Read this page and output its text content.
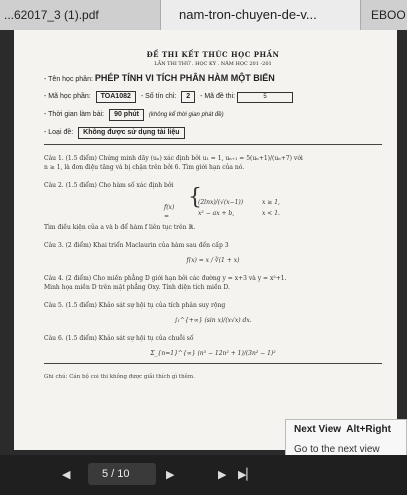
...62017_3 (1).pdf	nam-tron-chuyen-de-v...	EBOO
ĐỀ THI KẾT THÚC HỌC PHẦN
LẦN THI THỨ . HỌC KỲ . NĂM HỌC 201 -201
- Tên học phần: PHÉP TÍNH VI TÍCH PHÂN HÀM MỘT BIẾN
- Mã học phần: TOA1082 - Số tín chỉ: 2 - Mã đề thi:	5
- Thời gian làm bài: 90 phút (không kể thời gian phát đề)
- Loại đề: Không được sử dụng tài liệu
Câu 1. (1.5 điểm) Chứng minh dãy (uₙ) xác định bởi u₁ = 1, uₙ₊₁ = 5(uₙ+1)/(uₙ+7) với
n ≥ 1, là đơn điệu tăng và bị chặn trên bởi 6. Tìm giới hạn của nó.
Câu 2. (1.5 điểm) Cho hàm số xác định bởi
f(x) =
{
(2lnx)/(√(x−1))	x ≥ 1,
x² − ax + b,	x < 1.
Tìm điều kiện của a và b để hàm f liên tục trên ℝ.
Câu 3. (2 điểm) Khai triển Maclaurin của hàm sau đến cấp 3
f(x) = x / ∛(1 + x)
Câu 4. (2 điểm) Cho miền phẳng D giới hạn bởi các đường y = x+3 và y = x²+1.
Minh họa miền D trên mặt phẳng Oxy. Tính diện tích miền D.
Câu 5. (1.5 điểm) Khảo sát sự hội tụ của tích phân suy rộng
∫₁^{+∞} (sin x)/(x√x) dx.
Câu 6. (1.5 điểm) Khảo sát sự hội tụ của chuỗi số
Σ_{n=1}^{∞} (n³ − 12n² + 1)/(3n² − 1)²
Ghi chú: Cán bộ coi thi không được giải thích gì thêm.
Next View Alt+Right
Go to the next view
◀	5 / 10	▶	▶ ▶▏
